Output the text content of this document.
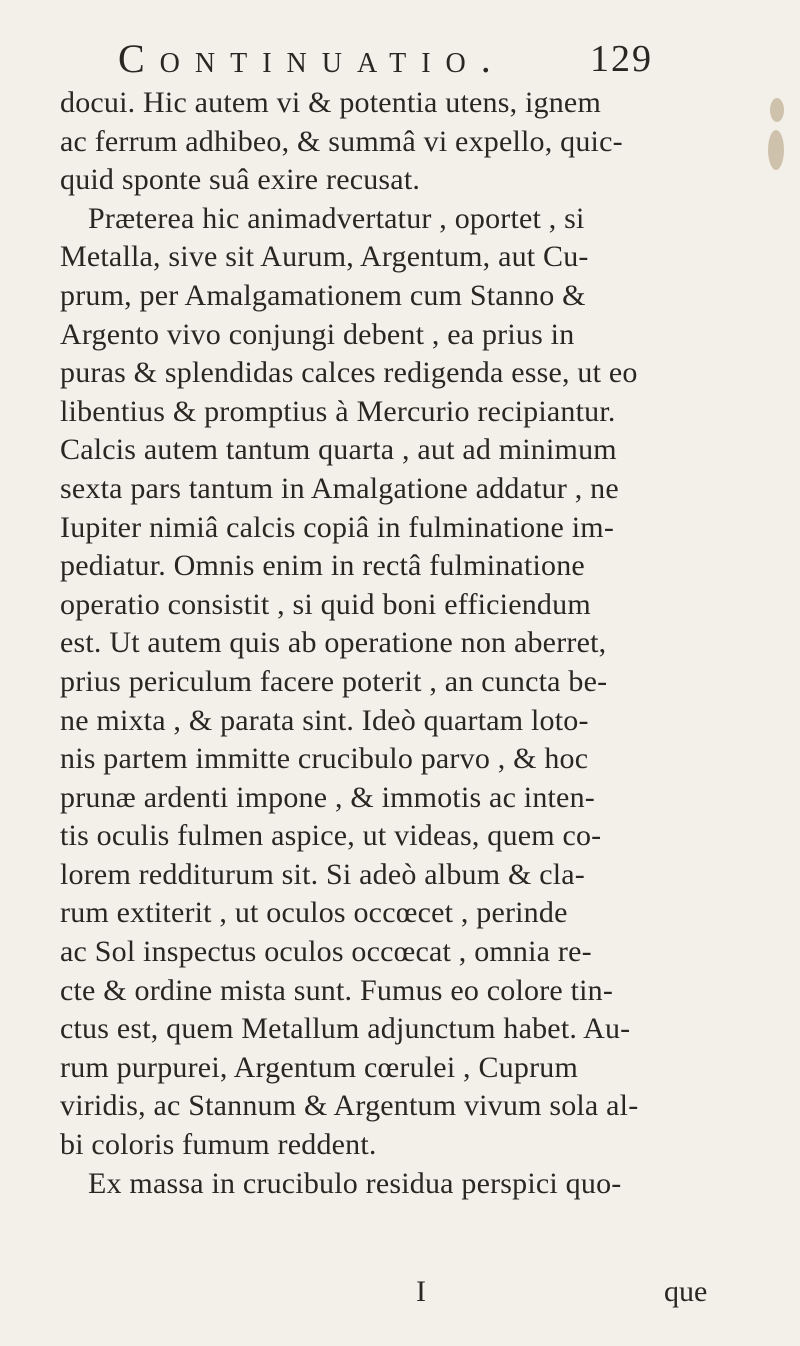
Continuatio. 129
docui. Hic autem vi & potentia utens, ignem
ac ferrum adhibeo, & summâ vi expello, quic-
quid sponte suâ exire recusat.
Præterea hic animadvertatur , oportet , si
Metalla, sive sit Aurum, Argentum, aut Cu-
prum, per Amalgamationem cum Stanno &
Argento vivo conjungi debent , ea prius in
puras & splendidas calces redigenda esse, ut eo
libentius & promptius à Mercurio recipiantur.
Calcis autem tantum quarta , aut ad minimum
sexta pars tantum in Amalgatione addatur , ne
Iupiter nimiâ calcis copiâ in fulminatione im-
pediatur. Omnis enim in rectâ fulminatione
operatio consistit , si quid boni efficiendum
est. Ut autem quis ab operatione non aberret,
prius periculum facere poterit , an cuncta be-
ne mixta , & parata sint. Ideò quartam loto-
nis partem immitte crucibulo parvo , & hoc
prunæ ardenti impone , & immotis ac inten-
tis oculis fulmen aspice, ut videas, quem co-
lorem redditurum sit. Si adeò album & cla-
rum extiterit , ut oculos occœcet , perinde
ac Sol inspectus oculos occœcat , omnia re-
cte & ordine mista sunt. Fumus eo colore tin-
ctus est, quem Metallum adjunctum habet. Au-
rum purpurei, Argentum cœrulei , Cuprum
viridis, ac Stannum & Argentum vivum sola al-
bi coloris fumum reddent.
Ex massa in crucibulo residua perspici quo-
I	que
